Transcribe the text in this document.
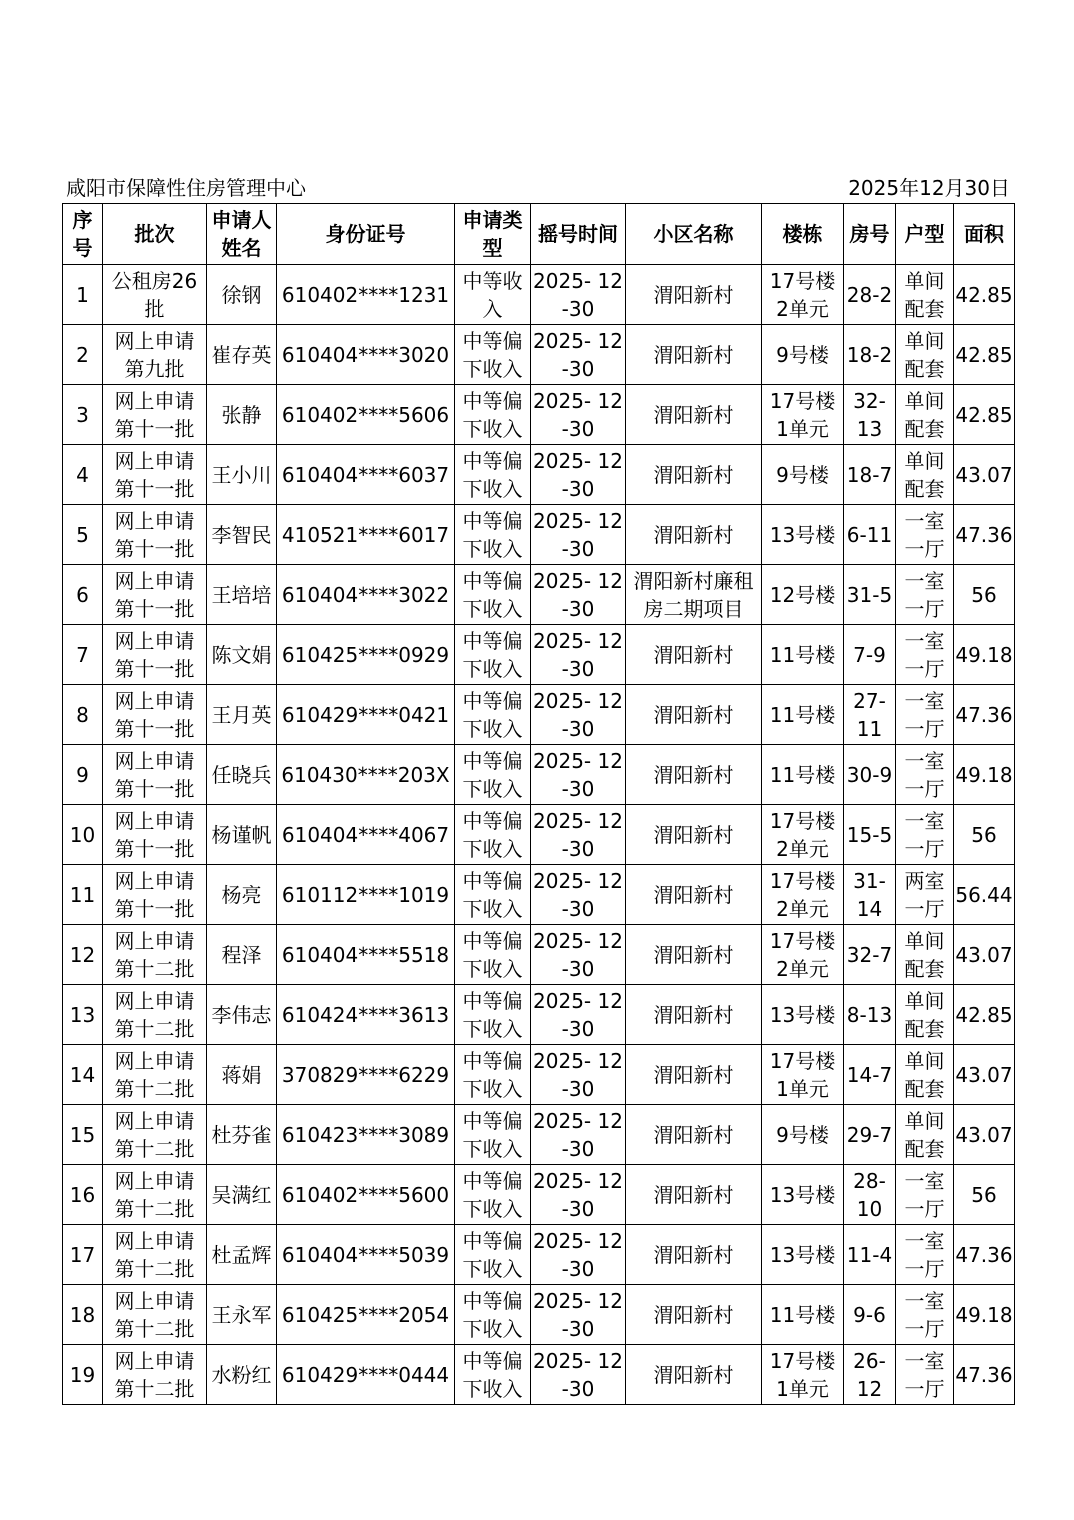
咸阳市保障性住房管理中心	2025年12月30日
序 号	批次	申请人 姓名	身份证号	申请类 型	摇号时间	小区名称	楼栋	房号	户型	面积
1	公租房26 批	徐钢	610402****1231	中等收 入	2025- 12-30	渭阳新村	17号楼 2单元	28-2	单间 配套	42.85
2	网上申请 第九批	崔存英	610404****3020	中等偏 下收入	2025- 12-30	渭阳新村	9号楼	18-2	单间 配套	42.85
3	网上申请 第十一批	张静	610402****5606	中等偏 下收入	2025- 12-30	渭阳新村	17号楼 1单元	32- 13	单间 配套	42.85
4	网上申请 第十一批	王小川	610404****6037	中等偏 下收入	2025- 12-30	渭阳新村	9号楼	18-7	单间 配套	43.07
5	网上申请 第十一批	李智民	410521****6017	中等偏 下收入	2025- 12-30	渭阳新村	13号楼	6-11	一室 一厅	47.36
6	网上申请 第十一批	王培培	610404****3022	中等偏 下收入	2025- 12-30	渭阳新村廉租 房二期项目	12号楼	31-5	一室 一厅	56
7	网上申请 第十一批	陈文娟	610425****0929	中等偏 下收入	2025- 12-30	渭阳新村	11号楼	7-9	一室 一厅	49.18
8	网上申请 第十一批	王月英	610429****0421	中等偏 下收入	2025- 12-30	渭阳新村	11号楼	27- 11	一室 一厅	47.36
9	网上申请 第十一批	任晓兵	610430****203X	中等偏 下收入	2025- 12-30	渭阳新村	11号楼	30-9	一室 一厅	49.18
10	网上申请 第十一批	杨谨帆	610404****4067	中等偏 下收入	2025- 12-30	渭阳新村	17号楼 2单元	15-5	一室 一厅	56
11	网上申请 第十一批	杨亮	610112****1019	中等偏 下收入	2025- 12-30	渭阳新村	17号楼 2单元	31- 14	两室 一厅	56.44
12	网上申请 第十二批	程泽	610404****5518	中等偏 下收入	2025- 12-30	渭阳新村	17号楼 2单元	32-7	单间 配套	43.07
13	网上申请 第十二批	李伟志	610424****3613	中等偏 下收入	2025- 12-30	渭阳新村	13号楼	8-13	单间 配套	42.85
14	网上申请 第十二批	蒋娟	370829****6229	中等偏 下收入	2025- 12-30	渭阳新村	17号楼 1单元	14-7	单间 配套	43.07
15	网上申请 第十二批	杜芬雀	610423****3089	中等偏 下收入	2025- 12-30	渭阳新村	9号楼	29-7	单间 配套	43.07
16	网上申请 第十二批	吴满红	610402****5600	中等偏 下收入	2025- 12-30	渭阳新村	13号楼	28- 10	一室 一厅	56
17	网上申请 第十二批	杜孟辉	610404****5039	中等偏 下收入	2025- 12-30	渭阳新村	13号楼	11-4	一室 一厅	47.36
18	网上申请 第十二批	王永军	610425****2054	中等偏 下收入	2025- 12-30	渭阳新村	11号楼	9-6	一室 一厅	49.18
19	网上申请 第十二批	水粉红	610429****0444	中等偏 下收入	2025- 12-30	渭阳新村	17号楼 1单元	26- 12	一室 一厅	47.36
